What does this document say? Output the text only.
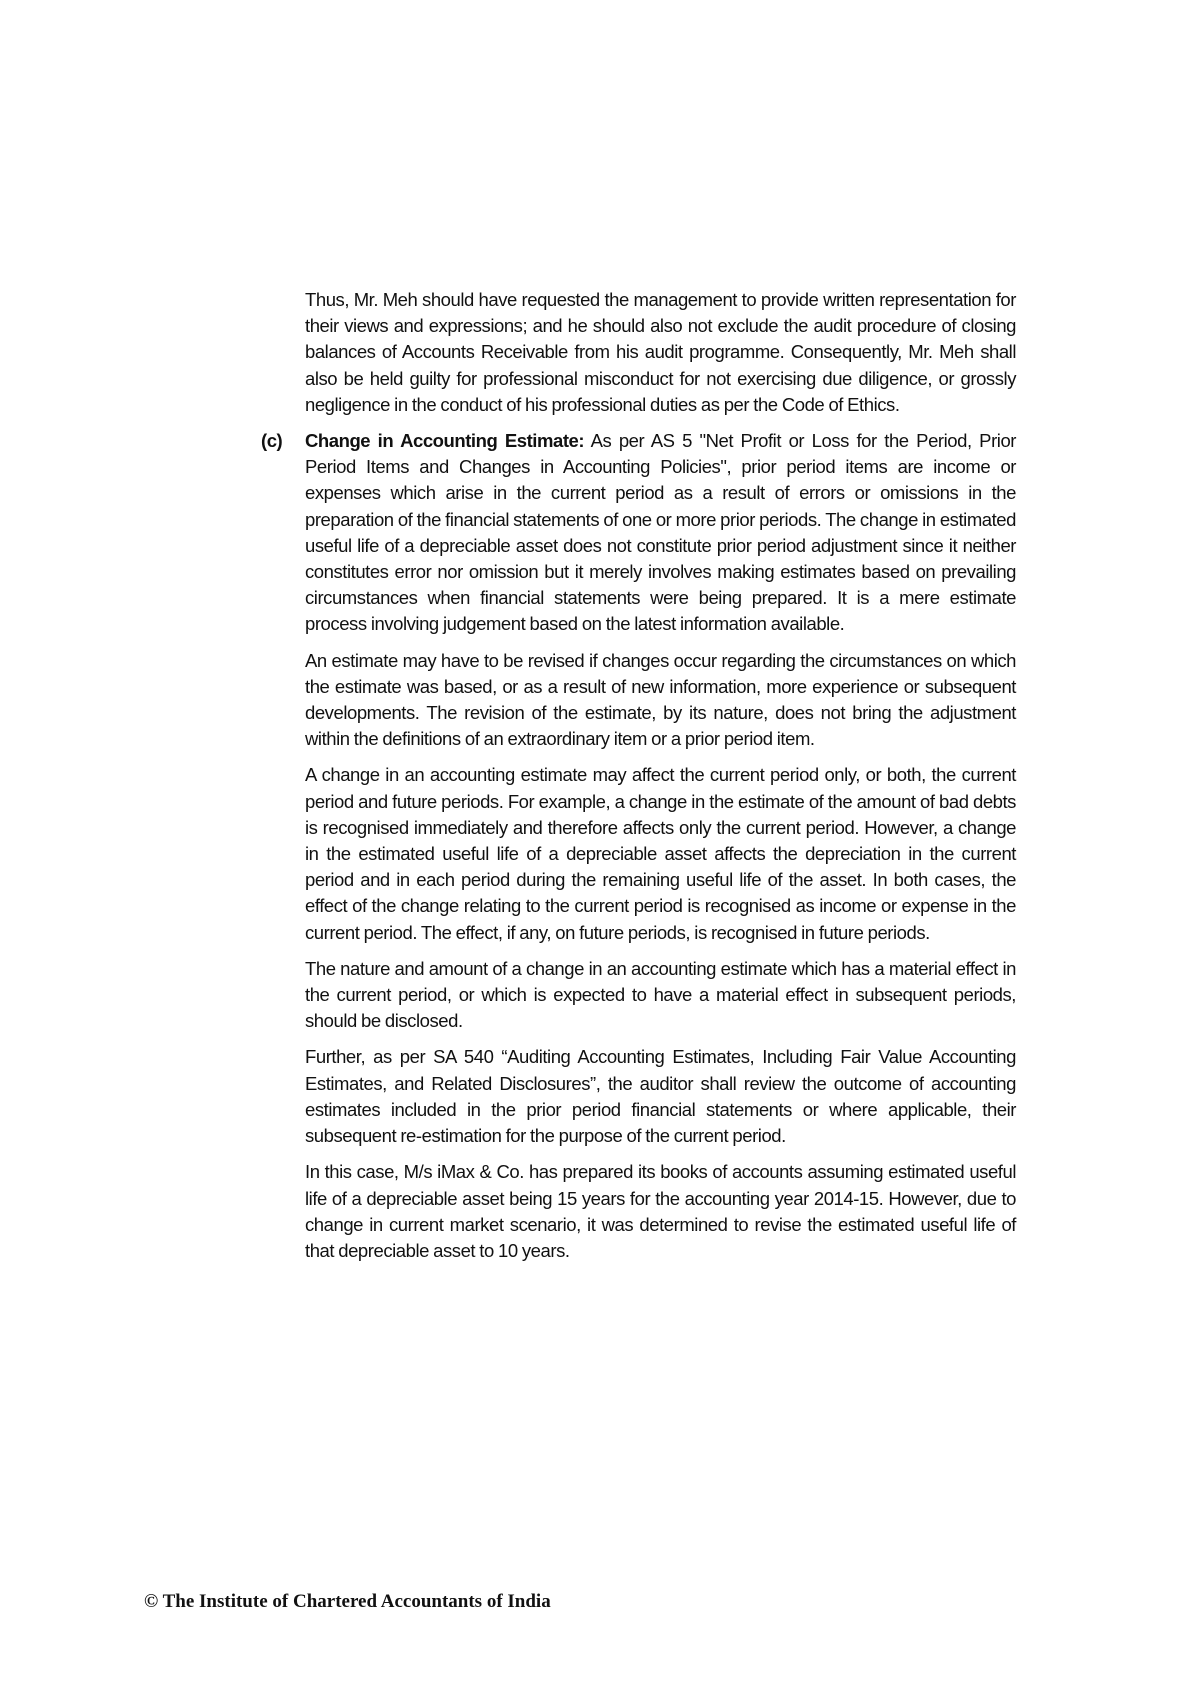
Thus, Mr. Meh should have requested the management to provide written representation for their views and expressions; and he should also not exclude the audit procedure of closing balances of Accounts Receivable from his audit programme. Consequently, Mr. Meh shall also be held guilty for professional misconduct for not exercising due diligence, or grossly negligence in the conduct of his professional duties as per the Code of Ethics.

(c) Change in Accounting Estimate: As per AS 5 "Net Profit or Loss for the Period, Prior Period Items and Changes in Accounting Policies", prior period items are income or expenses which arise in the current period as a result of errors or omissions in the preparation of the financial statements of one or more prior periods. The change in estimated useful life of a depreciable asset does not constitute prior period adjustment since it neither constitutes error nor omission but it merely involves making estimates based on prevailing circumstances when financial statements were being prepared. It is a mere estimate process involving judgement based on the latest information available.

An estimate may have to be revised if changes occur regarding the circumstances on which the estimate was based, or as a result of new information, more experience or subsequent developments. The revision of the estimate, by its nature, does not bring the adjustment within the definitions of an extraordinary item or a prior period item.

A change in an accounting estimate may affect the current period only, or both, the current period and future periods. For example, a change in the estimate of the amount of bad debts is recognised immediately and therefore affects only the current period. However, a change in the estimated useful life of a depreciable asset affects the depreciation in the current period and in each period during the remaining useful life of the asset. In both cases, the effect of the change relating to the current period is recognised as income or expense in the current period. The effect, if any, on future periods, is recognised in future periods.

The nature and amount of a change in an accounting estimate which has a material effect in the current period, or which is expected to have a material effect in subsequent periods, should be disclosed.

Further, as per SA 540 “Auditing Accounting Estimates, Including Fair Value Accounting Estimates, and Related Disclosures”, the auditor shall review the outcome of accounting estimates included in the prior period financial statements or where applicable, their subsequent re-estimation for the purpose of the current period.

In this case, M/s iMax & Co. has prepared its books of accounts assuming estimated useful life of a depreciable asset being 15 years for the accounting year 2014-15. However, due to change in current market scenario, it was determined to revise the estimated useful life of that depreciable asset to 10 years.

© The Institute of Chartered Accountants of India
